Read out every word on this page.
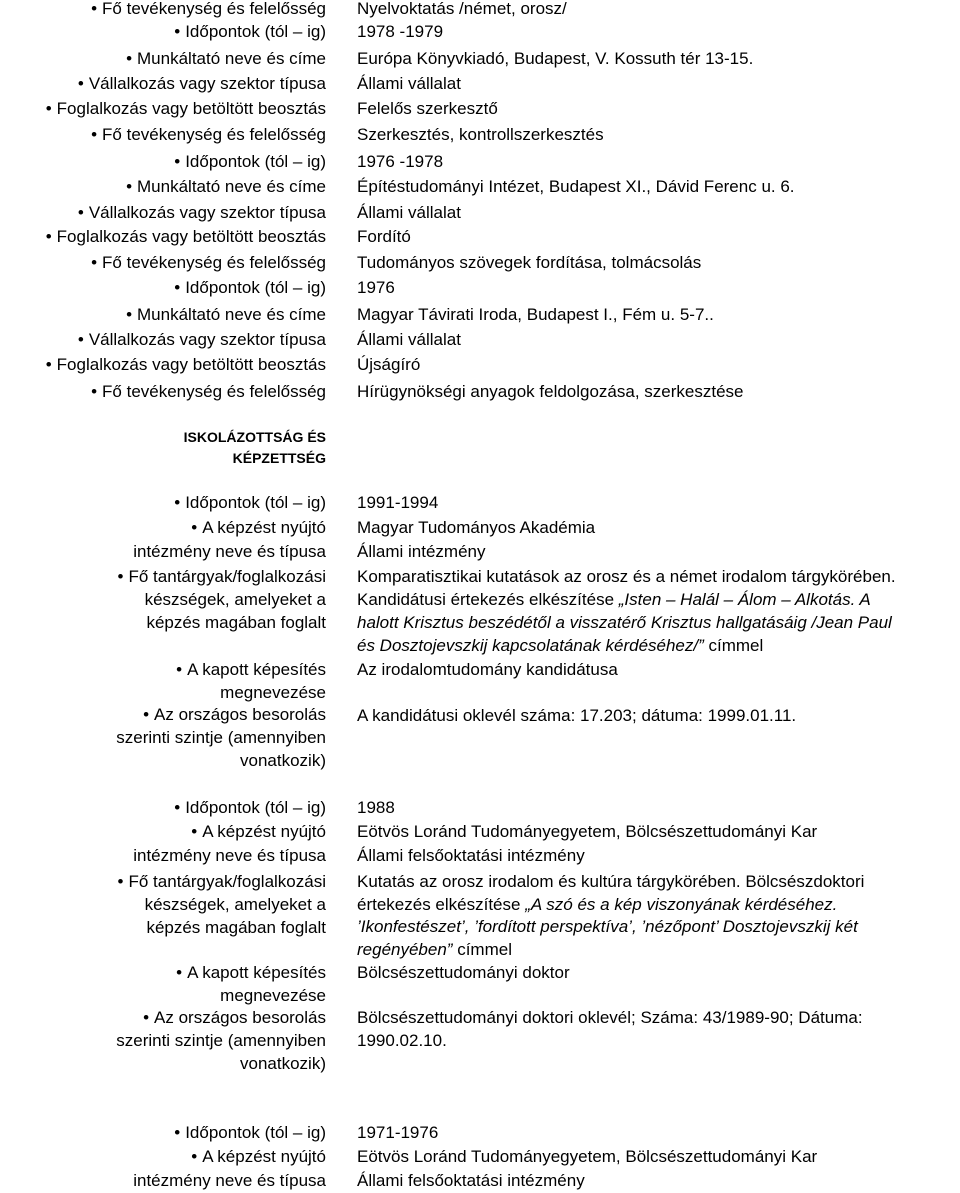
• Fő tevékenység és felelősség Nyelvoktatás /német, orosz/
• Időpontok (tól – ig) 1978 -1979
• Munkáltató neve és címe Európa Könyvkiadó, Budapest, V. Kossuth tér 13-15.
• Vállalkozás vagy szektor típusa Állami vállalat
• Foglalkozás vagy betöltött beosztás Felelős szerkesztő
• Fő tevékenység és felelősség Szerkesztés, kontrollszerkesztés
• Időpontok (tól – ig) 1976 -1978
• Munkáltató neve és címe Építéstudományi Intézet, Budapest XI., Dávid Ferenc u. 6.
• Vállalkozás vagy szektor típusa Állami vállalat
• Foglalkozás vagy betöltött beosztás Fordító
• Fő tevékenység és felelősség Tudományos szövegek fordítása, tolmácsolás
• Időpontok (tól – ig) 1976
• Munkáltató neve és címe Magyar Távirati Iroda, Budapest I., Fém u. 5-7..
• Vállalkozás vagy szektor típusa Állami vállalat
• Foglalkozás vagy betöltött beosztás Újságíró
• Fő tevékenység és felelősség Hírügynökségi anyagok feldolgozása, szerkesztése
ISKOLÁZOTTSÁG ÉS
KÉPZETTSÉG
• Időpontok (tól – ig) 1991-1994
• A képzést nyújtó Magyar Tudományos Akadémia
intézmény neve és típusa Állami intézmény
• Fő tantárgyak/foglalkozási
készségek, amelyeket a
képzés magában foglalt
Komparatisztikai kutatások az orosz és a német irodalom tárgykörében.
Kandidátusi értekezés elkészítése „Isten – Halál – Álom – Alkotás. A
halott Krisztus beszédétől a visszatérő Krisztus hallgatásáig /Jean Paul
és Dosztojevszkij kapcsolatának kérdéséhez/” címmel
• A kapott képesítés
megnevezése
Az irodalomtudomány kandidátusa
• Az országos besorolás
szerinti szintje (amennyiben
vonatkozik)
A kandidátusi oklevél száma: 17.203; dátuma: 1999.01.11.
• Időpontok (tól – ig) 1988
• A képzést nyújtó Eötvös Loránd Tudományegyetem, Bölcsészettudományi Kar
intézmény neve és típusa Állami felsőoktatási intézmény
• Fő tantárgyak/foglalkozási
készségek, amelyeket a
képzés magában foglalt
Kutatás az orosz irodalom és kultúra tárgykörében. Bölcsészdoktori
értekezés elkészítése „A szó és a kép viszonyának kérdéséhez.
’Ikonfestészet’, ’fordított perspektíva’, ’nézőpont’ Dosztojevszkij két
regényében” címmel
• A kapott képesítés
megnevezése
Bölcsészettudományi doktor
• Az országos besorolás
szerinti szintje (amennyiben
vonatkozik)
Bölcsészettudományi doktori oklevél; Száma: 43/1989-90; Dátuma:
1990.02.10.
• Időpontok (tól – ig) 1971-1976
• A képzést nyújtó Eötvös Loránd Tudományegyetem, Bölcsészettudományi Kar
intézmény neve és típusa Állami felsőoktatási intézmény
